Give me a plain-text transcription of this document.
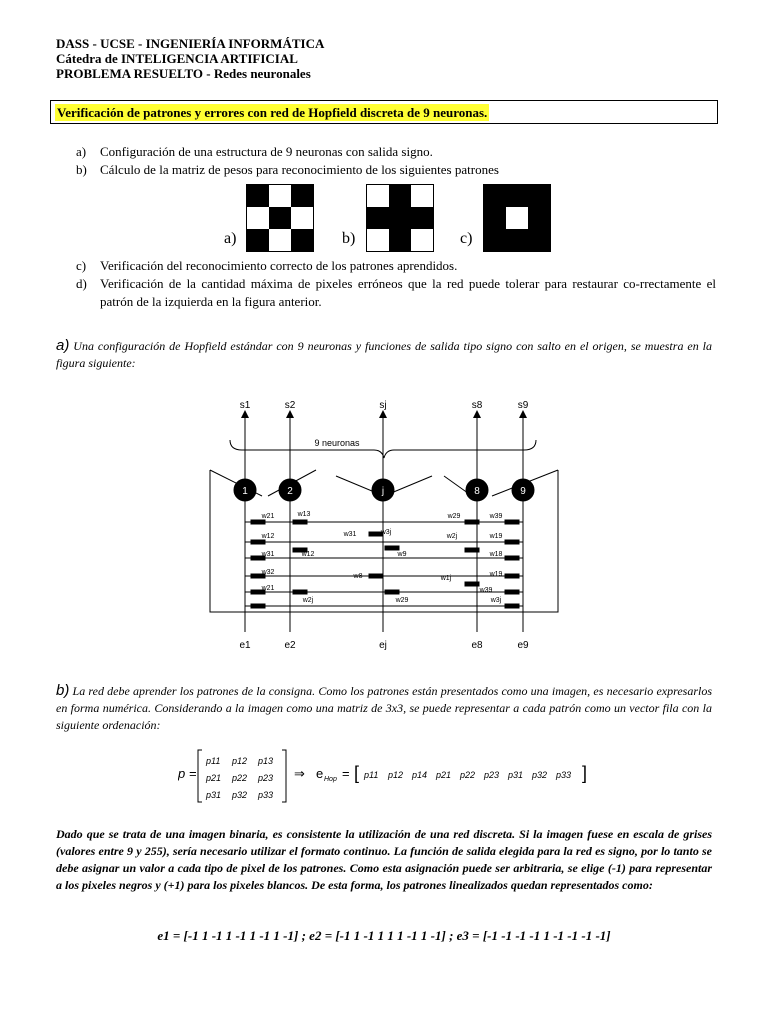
DASS - UCSE - INGENIERÍA INFORMÁTICA
Cátedra de INTELIGENCIA ARTIFICIAL
PROBLEMA RESUELTO - Redes neuronales
Verificación de patrones y errores con red de Hopfield discreta de 9 neuronas.
a) Configuración de una estructura de 9 neuronas con salida signo.
b) Cálculo de la matriz de pesos para reconocimiento de los siguientes patrones
a)	b)	c)
c) Verificación del reconocimiento correcto de los patrones aprendidos.
d) Verificación de la cantidad máxima de pixeles erróneos que la red puede tolerar para restaurar co-rrectamente el patrón de la izquierda en la figura anterior.
a) Una configuración de Hopfield estándar con 9 neuronas y funciones de salida tipo signo con salto en el origen, se muestra en la figura siguiente:
9 neuronas
1
s1
e1
2
s2
e2
j
sj
ej
8
s8
e8
9
s9
e9
w21
w12
w31
w32
w21
w13
w12
w2j
w31
w9
w8
w29
w29
w2j
w1j
w39
w19
w18
w19
w3j
w3j
w39
b) La red debe aprender los patrones de la consigna. Como los patrones están presentados como una imagen, es necesario expresarlos en forma numérica. Considerando a la imagen como una matriz de 3x3, se puede representar a cada patrón como un vector fila con la siguiente ordenación:
p =
p11 p12 p13
p21 p22 p23
p31 p32 p33
⇒ e Hop = [ p11 p12 p14 p21 p22 p23 p31 p32 p33 ]
Dado que se trata de una imagen binaria, es consistente la utilización de una red discreta. Si la imagen fuese en escala de grises (valores entre 9 y 255), sería necesario utilizar el formato continuo. La función de salida elegida para la red es signo, por lo tanto se debe asignar un valor a cada tipo de pixel de los patrones. Como esta asignación puede ser arbitraria, se elige (-1) para representar a los pixeles negros y (+1) para los pixeles blancos. De esta forma, los patrones linealizados quedan representados como:
e1 = [-1 1 -1 1 -1 1 -1 1 -1] ; e2 = [-1 1 -1 1 1 1 -1 1 -1] ; e3 = [-1 -1 -1 -1 1 -1 -1 -1 -1]
